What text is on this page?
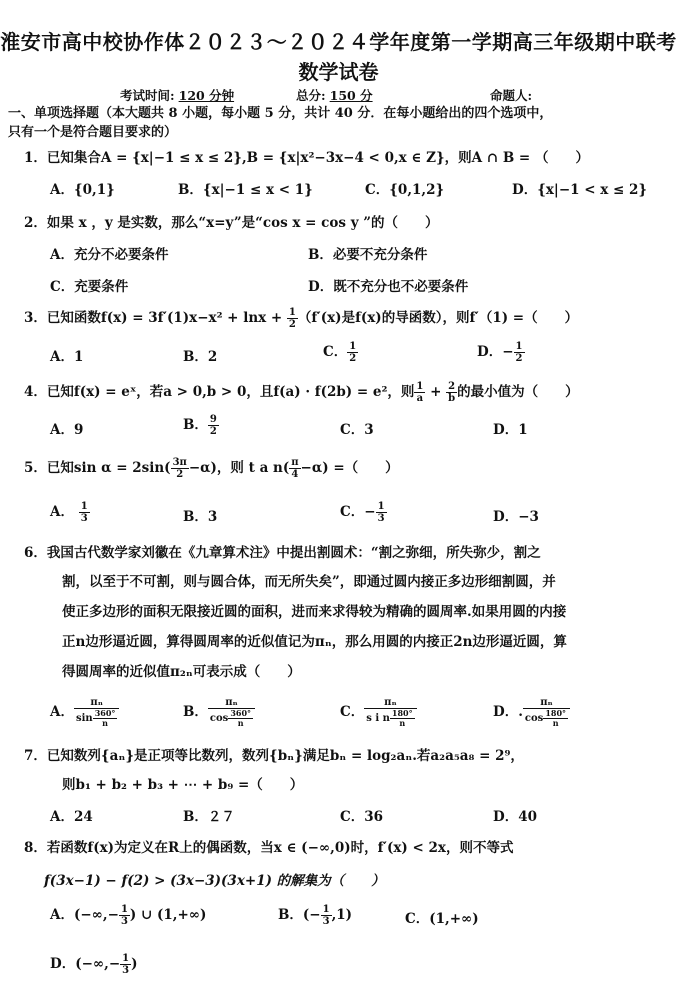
淮安市高中校协作体２０２３～２０２４学年度第一学期高三年级期中联考
数学试卷
考试时间: 120 分钟	总分: 150 分	命题人:
一、单项选择题（本大题共 8 小题，每小题 5 分，共计 40 分．在每小题给出的四个选项中，
只有一个是符合题目要求的）
1．已知集合A = {x|−1 ≤ x ≤ 2},B = {x|x²−3x−4 < 0,x ∈ Z}，则A ∩ B = （　　）
A．{0,1}	B．{x|−1 ≤ x < 1}	C．{0,1,2}	D．{x|−1 < x ≤ 2}
2．如果 x ，y 是实数，那么“x=y”是“cos x = cos y ”的（　　）
A．充分不必要条件	B．必要不充分条件
C．充要条件	D．既不充分也不必要条件
3．已知函数$f(x) = 3f'(1)x-x^2 + \ln x + \frac{1}{2} (f'(x)$是f(x)的导函数），则f′（1) =（　　）
A．1	B．2	C． $\frac{1}{2}$	D．− $\frac{1}{2}$
4．已知f(x) = eˣ，若a > 0,b > 0，且f(a) · f(2b) = e²，则 $\frac{1}{a} + \frac{2}{b}$ 的最小值为（　　）
A．9	B． $\frac{9}{2}$	C．3	D．1
5．已知$\sin \alpha = 2\sin( \frac{3\pi}{2} -\alpha)$，则 t a $n( \frac{\pi}{4} -\alpha)$ =（　　）
A． $\frac{1}{3}$	B．3	C．− $\frac{1}{3}$	D．−3
6．我国古代数学家刘徽在《九章算术注》中提出割圆术：“割之弥细，所失弥少，割之
割，以至于不可割，则与圆合体，而无所失矣”，即通过圆内接正多边形细割圆，并
使正多边形的面积无限接近圆的面积，进而来求得较为精确的圆周率.如果用圆的内接
正n边形逼近圆，算得圆周率的近似值记为πₙ，那么用圆的内接正2n边形逼近圆，算
得圆周率的近似值π₂ₙ可表示成（　　）
A． $\frac{\text{πₙ}}{\sin \frac{360^\circ}{n}}$	B． $\frac{\text{πₙ}}{\cos \frac{360^\circ}{n}}$	C． $\frac{\text{πₙ}}{s i n \frac{180^\circ}{n}}$	D．. $\frac{\text{πₙ}}{\cos \frac{180^\circ}{n}}$
7．已知数列{aₙ}是正项等比数列，数列{bₙ}满足bₙ = log₂aₙ.若a₂a₅a₈ = 2⁹，
则b₁ + b₂ + b₃ + ⋯ + b₉ =（　　）
A．24	B．２７	C．36	D．40
8．若函数f(x)为定义在R上的偶函数，当x ∈ (−∞,0)时，f′(x) < 2x，则不等式
f(3x−1) − f(2) > (3x−3)(3x+1) 的解集为（　　）
A．(−∞,− $\frac{1}{3}$ ) ∪ (1,+∞)	B．(− $\frac{1}{3} ,1$)	C．(1,+∞)
D．(−∞,− $\frac{1}{3}$ )
